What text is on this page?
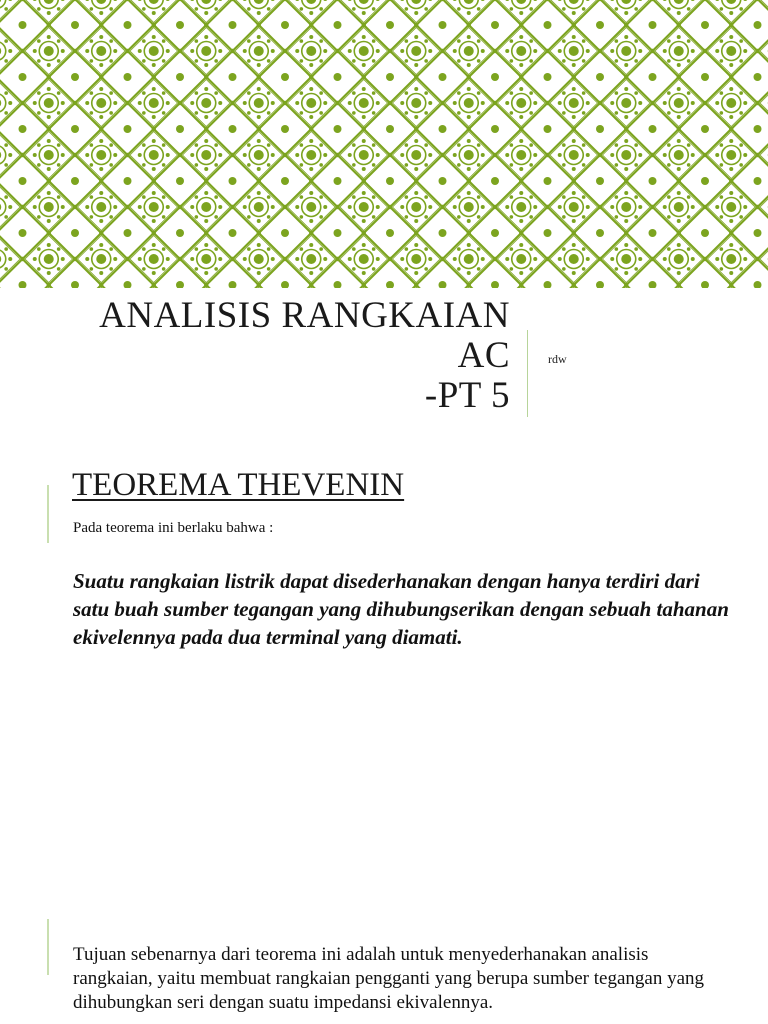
ANALISIS RANGKAIAN
AC
-PT 5
rdw
TEOREMA THEVENIN
Pada teorema ini berlaku bahwa :
Suatu rangkaian listrik dapat disederhanakan dengan hanya terdiri dari satu buah sumber tegangan yang dihubungserikan dengan sebuah tahanan ekivelennya pada dua terminal yang diamati.
Tujuan sebenarnya dari teorema ini adalah untuk menyederhanakan analisis rangkaian, yaitu membuat rangkaian pengganti yang berupa sumber tegangan yang dihubungkan seri dengan suatu impedansi ekivalennya.
